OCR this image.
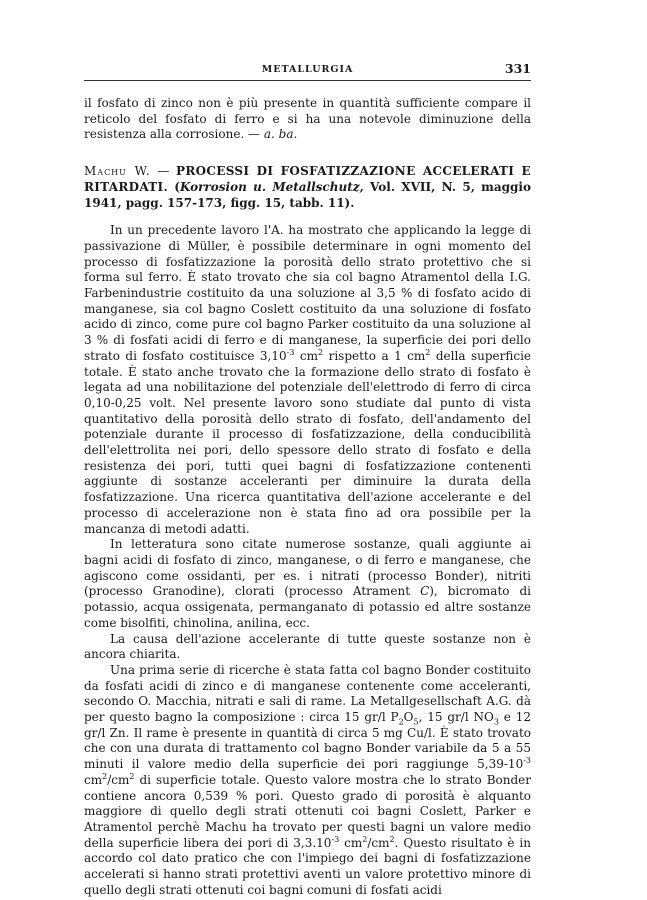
METALLURGIA	331

il fosfato di zinco non è più presente in quantità sufficiente compare il reticolo del fosfato di ferro e si ha una notevole diminuzione della resistenza alla corrosione. — a. ba.

Machu W. — PROCESSI DI FOSFATIZZAZIONE ACCELERATI E RITARDATI. (Korrosion u. Metallschutz, Vol. XVII, N. 5, maggio 1941, pagg. 157-173, figg. 15, tabb. 11).

In un precedente lavoro l'A. ha mostrato che applicando la legge di passivazione di Müller, è possibile determinare in ogni momento del processo di fosfatizzazione la porosità dello strato protettivo che si forma sul ferro. È stato trovato che sia col bagno Atramentol della I.G. Farbenindustrie costituito da una soluzione al 3,5 % di fosfato acido di manganese, sia col bagno Coslett costituito da una soluzione di fosfato acido di zinco, come pure col bagno Parker costituito da una soluzione al 3 % di fosfati acidi di ferro e di manganese, la superficie dei pori dello strato di fosfato costituisce $3,10^{-3}$ $cm^2$ rispetto a 1 $cm^2$ della superficie totale. È stato anche trovato che la formazione dello strato di fosfato è legata ad una nobilitazione del potenziale dell'elettrodo di ferro di circa 0,10-0,25 volt. Nel presente lavoro sono studiate dal punto di vista quantitativo della porosità dello strato di fosfato, dell'andamento del potenziale durante il processo di fosfatizzazione, della conducibilità dell'elettrolita nei pori, dello spessore dello strato di fosfato e della resistenza dei pori, tutti quei bagni di fosfatizzazione contenenti aggiunte di sostanze acceleranti per diminuire la durata della fosfatizzazione. Una ricerca quantitativa dell'azione accelerante e del processo di accelerazione non è stata fino ad ora possibile per la mancanza di metodi adatti.

In letteratura sono citate numerose sostanze, quali aggiunte ai bagni acidi di fosfato di zinco, manganese, o di ferro e manganese, che agiscono come ossidanti, per es. i nitrati (processo Bonder), nitriti (processo Granodine), clorati (processo Atrament C), bicromato di potassio, acqua ossigenata, permanganato di potassio ed altre sostanze come bisolfiti, chinolina, anilina, ecc.

La causa dell'azione accelerante di tutte queste sostanze non è ancora chiarita.

Una prima serie di ricerche è stata fatta col bagno Bonder costituito da fosfati acidi di zinco e di manganese contenente come acceleranti, secondo O. Macchia, nitrati e sali di rame. La Metallgesellschaft A.G. dà per questo bagno la composizione : circa 15 gr/l $P_2O_5$, 15 gr/l $NO_3$ e 12 gr/l Zn. Il rame è presente in quantità di circa 5 mg Cu/l. È stato trovato che con una durata di trattamento col bagno Bonder variabile da 5 a 55 minuti il valore medio della superficie dei pori raggiunge $5,39-10^{-3}$ $cm^2/cm^2$ di superficie totale. Questo valore mostra che lo strato Bonder contiene ancora 0,539 % pori. Questo grado di porosità è alquanto maggiore di quello degli strati ottenuti coi bagni Coslett, Parker e Atramentol perchè Machu ha trovato per questi bagni un valore medio della superficie libera dei pori di $3,3.10^{-3}$ $cm^2/cm^2$. Questo risultato è in accordo col dato pratico che con l'impiego dei bagni di fosfatizzazione accelerati si hanno strati protettivi aventi un valore protettivo minore di quello degli strati ottenuti coi bagni comuni di fosfati acidi
